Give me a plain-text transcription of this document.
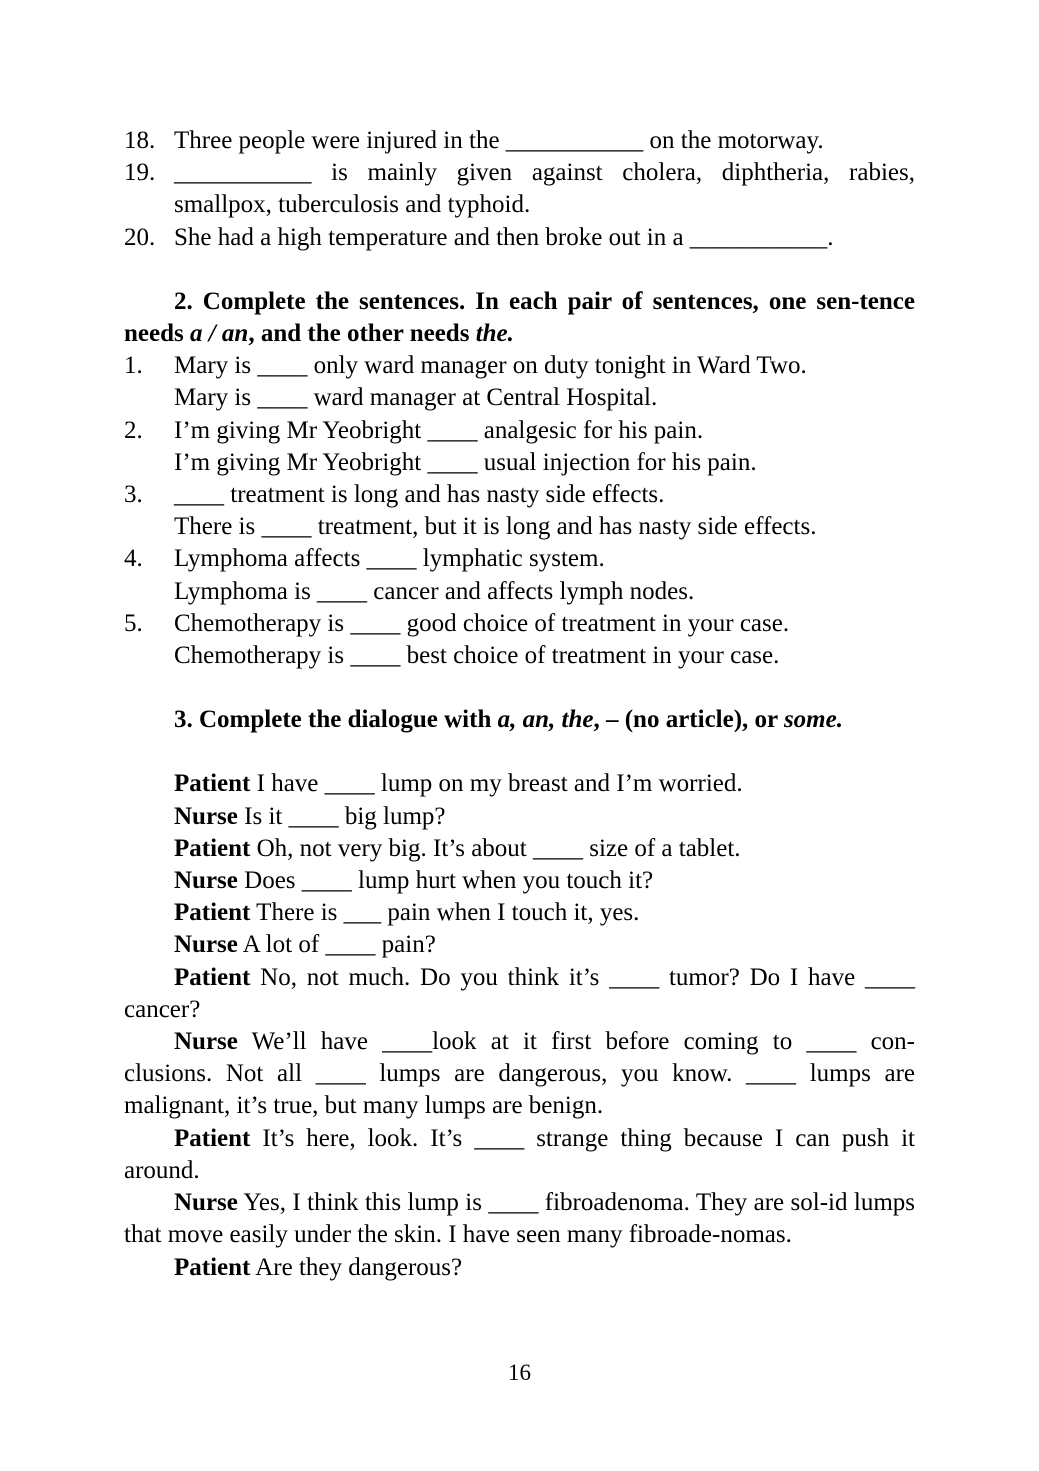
18. Three people were injured in the ___________ on the motorway.
19. ___________ is mainly given against cholera, diphtheria, rabies, smallpox, tuberculosis and typhoid.
20. She had a high temperature and then broke out in a ___________.
2. Complete the sentences. In each pair of sentences, one sen-tence needs a / an, and the other needs the.
1.	Mary is ____ only ward manager on duty tonight in Ward Two.
Mary is ____ ward manager at Central Hospital.
2.	I’m giving Mr Yeobright ____ analgesic for his pain.
I’m giving Mr Yeobright ____ usual injection for his pain.
3.	____ treatment is long and has nasty side effects.
There is ____ treatment, but it is long and has nasty side effects.
4.	Lymphoma affects ____ lymphatic system.
Lymphoma is ____ cancer and affects lymph nodes.
5.	Chemotherapy is ____ good choice of treatment in your case.
Chemotherapy is ____ best choice of treatment in your case.
3. Complete the dialogue with a, an, the, – (no article), or some.
Patient I have ____ lump on my breast and I’m worried.
Nurse Is it ____ big lump?
Patient Oh, not very big. It’s about ____ size of a tablet.
Nurse Does ____ lump hurt when you touch it?
Patient There is ___ pain when I touch it, yes.
Nurse A lot of ____ pain?
Patient No, not much. Do you think it’s ____ tumor? Do I have ____ cancer?
Nurse We’ll have ____look at it first before coming to ____ con-clusions. Not all ____ lumps are dangerous, you know. ____ lumps are malignant, it’s true, but many lumps are benign.
Patient It’s here, look. It’s ____ strange thing because I can push it around.
Nurse Yes, I think this lump is ____ fibroadenoma. They are sol-id lumps that move easily under the skin. I have seen many fibroade-nomas.
Patient Are they dangerous?
16
